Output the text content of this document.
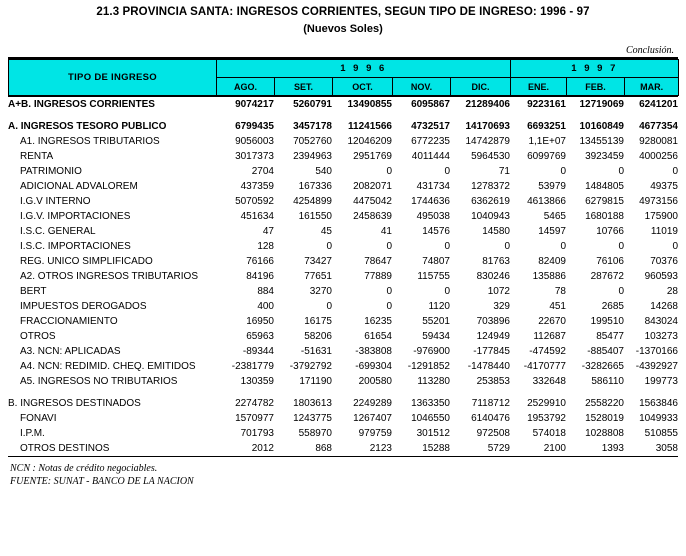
21.3 PROVINCIA SANTA: INGRESOS CORRIENTES, SEGUN TIPO DE INGRESO: 1996 - 97
(Nuevos Soles)
Conclusión.
TIPO DE INGRESO	1 9 9 6					1 9 9 7		
	AGO.	SET.	OCT.	NOV.	DIC.	ENE.	FEB.	MAR.
A+B. INGRESOS CORRIENTES	9074217	5260791	13490855	6095867	21289406	9223161	12719069	6241201

A. INGRESOS TESORO PUBLICO	6799435	3457178	11241566	4732517	14170693	6693251	10160849	4677354
A1. INGRESOS TRIBUTARIOS	9056003	7052760	12046209	6772235	14742879	1,1E+07	13455139	9280081
RENTA	3017373	2394963	2951769	4011444	5964530	6099769	3923459	4000256
PATRIMONIO	2704	540	0	0	71	0	0	0
ADICIONAL ADVALOREM	437359	167336	2082071	431734	1278372	53979	1484805	49375
I.G.V INTERNO	5070592	4254899	4475042	1744636	6362619	4613866	6279815	4973156
I.G.V. IMPORTACIONES	451634	161550	2458639	495038	1040943	5465	1680188	175900
I.S.C. GENERAL	47	45	41	14576	14580	14597	10766	11019
I.S.C. IMPORTACIONES	128	0	0	0	0	0	0	0
REG. UNICO SIMPLIFICADO	76166	73427	78647	74807	81763	82409	76106	70376
A2. OTROS INGRESOS TRIBUTARIOS	84196	77651	77889	115755	830246	135886	287672	960593
BERT	884	3270	0	0	1072	78	0	28
IMPUESTOS DEROGADOS	400	0	0	1120	329	451	2685	14268
FRACCIONAMIENTO	16950	16175	16235	55201	703896	22670	199510	843024
OTROS	65963	58206	61654	59434	124949	112687	85477	103273
A3. NCN: APLICADAS	-89344	-51631	-383808	-976900	-177845	-474592	-885407	-1370166
A4. NCN: REDIMID. CHEQ. EMITIDOS	-2381779	-3792792	-699304	-1291852	-1478440	-4170777	-3282665	-4392927
A5. INGRESOS NO TRIBUTARIOS	130359	171190	200580	113280	253853	332648	586110	199773

B. INGRESOS DESTINADOS	2274782	1803613	2249289	1363350	7118712	2529910	2558220	1563846
FONAVI	1570977	1243775	1267407	1046550	6140476	1953792	1528019	1049933
I.P.M.	701793	558970	979759	301512	972508	574018	1028808	510855
OTROS DESTINOS	2012	868	2123	15288	5729	2100	1393	3058
NCN : Notas de crédito negociables.
FUENTE: SUNAT - BANCO DE LA NACION
